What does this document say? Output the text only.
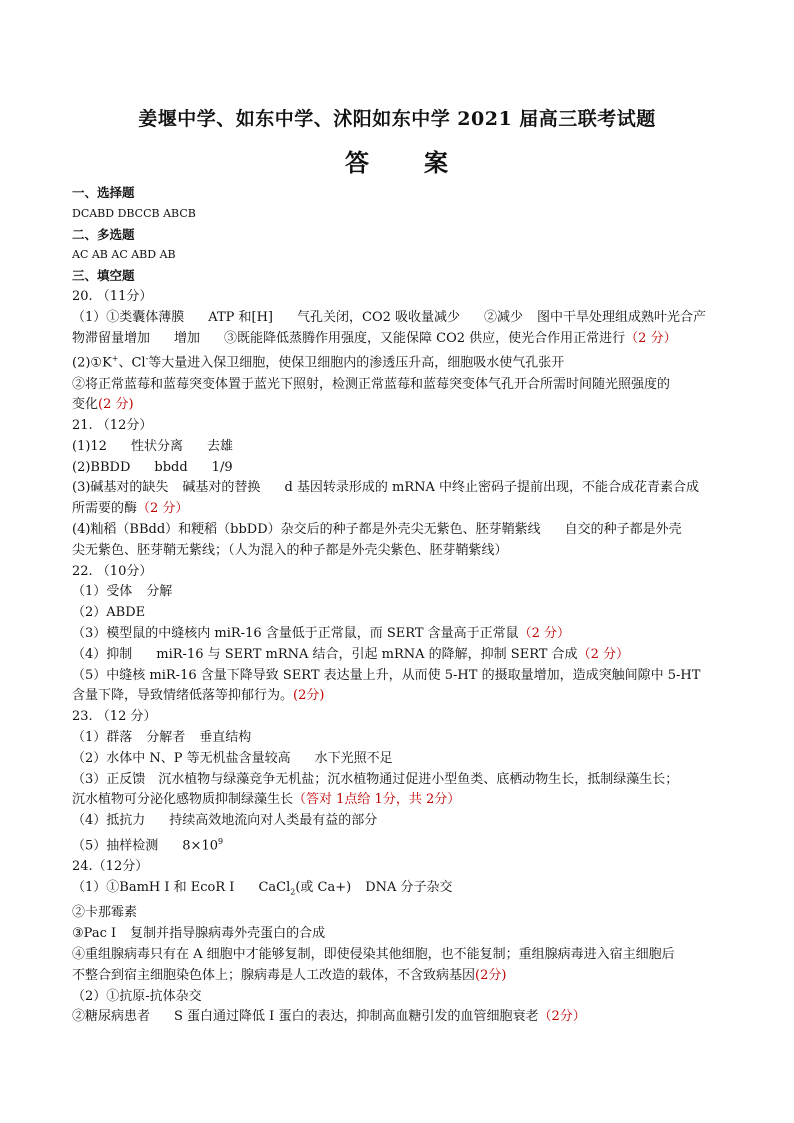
姜堰中学、如东中学、沭阳如东中学 2021 届高三联考试题
答 案
一、选择题
DCABD DBCCB ABCB
二、多选题
AC AB AC ABD AB
三、填空题
20. （11分）
（1）①类囊体薄膜 ATP 和[H] 气孔关闭，CO2 吸收量减少 ②减少 图中干旱处理组成熟叶光合产
物滞留量增加 增加 ③既能降低蒸腾作用强度，又能保障 CO2 供应，使光合作用正常进行（2 分）
(2)①K+、Cl-等大量进入保卫细胞，使保卫细胞内的渗透压升高，细胞吸水使气孔张开
②将正常蓝莓和蓝莓突变体置于蓝光下照射，检测正常蓝莓和蓝莓突变体气孔开合所需时间随光照强度的
变化(2 分)
21. （12分）
(1)12 性状分离 去雄
(2)BBDD bbdd 1/9
(3)碱基对的缺失 碱基对的替换 d 基因转录形成的 mRNA 中终止密码子提前出现，不能合成花青素合成
所需要的酶（2 分）
(4)籼稻（BBdd）和粳稻（bbDD）杂交后的种子都是外壳尖无紫色、胚芽鞘紫线 自交的种子都是外壳
尖无紫色、胚芽鞘无紫线；（人为混入的种子都是外壳尖紫色、胚芽鞘紫线）
22. （10分）
（1）受体 分解
（2）ABDE
（3）模型鼠的中缝核内 miR-16 含量低于正常鼠，而 SERT 含量高于正常鼠（2 分）
（4）抑制 miR-16 与 SERT mRNA 结合，引起 mRNA 的降解，抑制 SERT 合成（2 分）
（5）中缝核 miR-16 含量下降导致 SERT 表达量上升，从而使 5-HT 的摄取量增加，造成突触间隙中 5-HT
含量下降，导致情绪低落等抑郁行为。(2分)
23. （12 分）
（1）群落 分解者 垂直结构
（2）水体中 N、P 等无机盐含量较高 水下光照不足
（3）正反馈　沉水植物与绿藻竞争无机盐；沉水植物通过促进小型鱼类、底栖动物生长，抵制绿藻生长；
沉水植物可分泌化感物质抑制绿藻生长（答对 1点给 1分，共 2分）
（4）抵抗力 持续高效地流向对人类最有益的部分
（5）抽样检测 $8\times 10^9$
24.（12分）
（1）①BamH I 和 EcoR I CaCl$_2$(或 Ca+) DNA 分子杂交
②卡那霉素
③Pac I 复制并指导腺病毒外壳蛋白的合成
④重组腺病毒只有在 A 细胞中才能够复制，即使侵染其他细胞，也不能复制；重组腺病毒进入宿主细胞后
不整合到宿主细胞染色体上；腺病毒是人工改造的载体，不含致病基因(2分)
（2）①抗原-抗体杂交
②糖尿病患者 S 蛋白通过降低 I 蛋白的表达，抑制高血糖引发的血管细胞衰老（2分）
